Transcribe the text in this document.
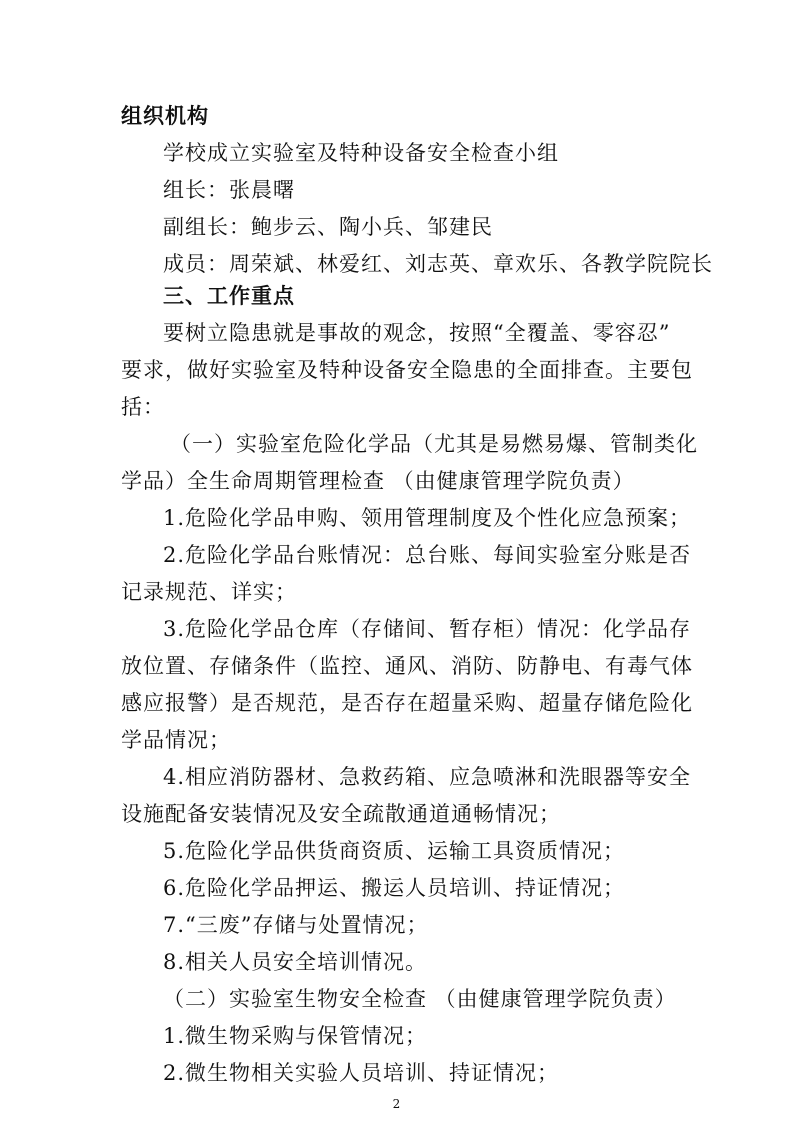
组织机构
学校成立实验室及特种设备安全检查小组
组长：张晨曙
副组长：鲍步云、陶小兵、邹建民
成员：周荣斌、林爱红、刘志英、章欢乐、各教学院院长
三、工作重点
要树立隐患就是事故的观念，按照“全覆盖、零容忍”
要求，做好实验室及特种设备安全隐患的全面排查。主要包
括：
（一）实验室危险化学品（尤其是易燃易爆、管制类化
学品）全生命周期管理检查 （由健康管理学院负责）
1.危险化学品申购、领用管理制度及个性化应急预案；
2.危险化学品台账情况：总台账、每间实验室分账是否
记录规范、详实；
3.危险化学品仓库（存储间、暂存柜）情况：化学品存
放位置、存储条件（监控、通风、消防、防静电、有毒气体
感应报警）是否规范，是否存在超量采购、超量存储危险化
学品情况；
4.相应消防器材、急救药箱、应急喷淋和洗眼器等安全
设施配备安装情况及安全疏散通道通畅情况；
5.危险化学品供货商资质、运输工具资质情况；
6.危险化学品押运、搬运人员培训、持证情况；
7.“三废”存储与处置情况；
8.相关人员安全培训情况。
（二）实验室生物安全检查 （由健康管理学院负责）
1.微生物采购与保管情况；
2.微生物相关实验人员培训、持证情况；
2
